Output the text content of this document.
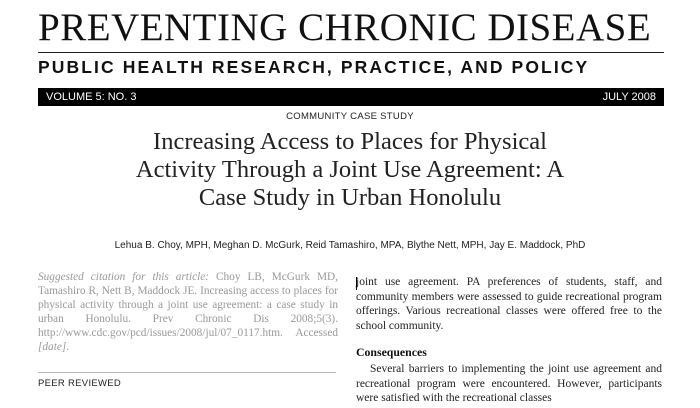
PREVENTING CHRONIC DISEASE
PUBLIC HEALTH RESEARCH, PRACTICE, AND POLICY
VOLUME 5: NO. 3	JULY 2008
COMMUNITY CASE STUDY
Increasing Access to Places for Physical
Activity Through a Joint Use Agreement: A
Case Study in Urban Honolulu
Lehua B. Choy, MPH, Meghan D. McGurk, Reid Tamashiro, MPA, Blythe Nett, MPH, Jay E. Maddock, PhD

Suggested citation for this article: Choy LB, McGurk MD, Tamashiro R, Nett B, Maddock JE. Increasing access to places for physical activity through a joint use agreement: a case study in urban Honolulu. Prev Chronic Dis 2008;5(3). http://www.cdc.gov/pcd/issues/2008/jul/07_0117.htm. Accessed [date].

PEER REVIEWED

joint use agreement. PA preferences of students, staff, and community members were assessed to guide recreational program offerings. Various recreational classes were offered free to the school community.

Consequences

Several barriers to implementing the joint use agreement and recreational program were encountered. However, participants were satisfied with the recreational classes
